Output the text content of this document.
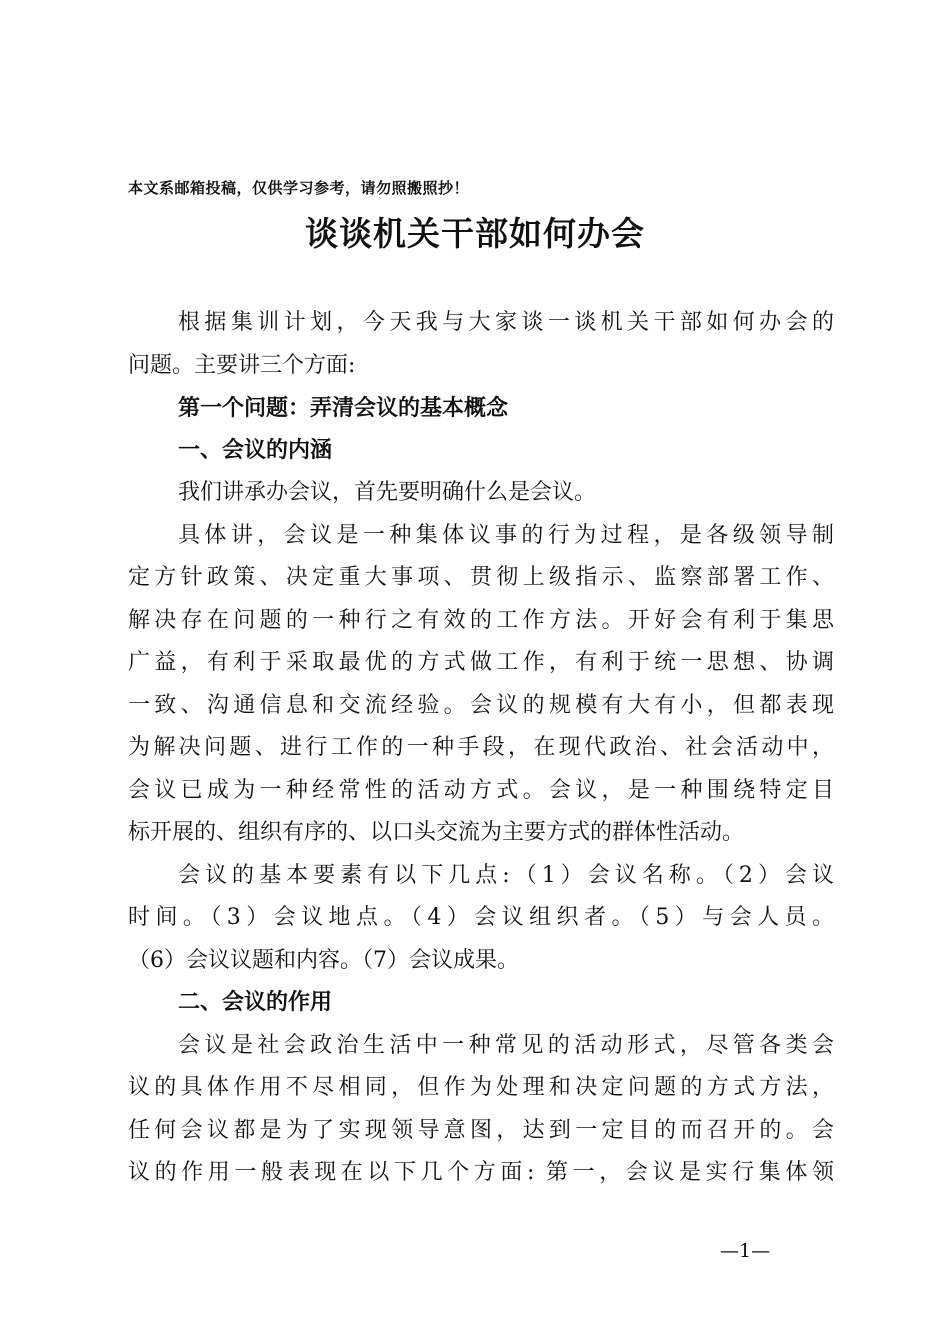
本文系邮箱投稿，仅供学习参考，请勿照搬照抄！
谈谈机关干部如何办会
根据集训计划，今天我与大家谈一谈机关干部如何办会的
问题。主要讲三个方面:
第一个问题：弄清会议的基本概念
一、会议的内涵
我们讲承办会议，首先要明确什么是会议。
具体讲，会议是一种集体议事的行为过程，是各级领导制
定方针政策、决定重大事项、贯彻上级指示、监察部署工作、
解决存在问题的一种行之有效的工作方法。开好会有利于集思
广益，有利于采取最优的方式做工作，有利于统一思想、协调
一致、沟通信息和交流经验。会议的规模有大有小，但都表现
为解决问题、进行工作的一种手段，在现代政治、社会活动中，
会议已成为一种经常性的活动方式。会议，是一种围绕特定目
标开展的、组织有序的、以口头交流为主要方式的群体性活动。
会议的基本要素有以下几点:（1）会议名称。（2）会议
时间。（3）会议地点。（4）会议组织者。（5）与会人员。
（6）会议议题和内容。（7）会议成果。
二、会议的作用
会议是社会政治生活中一种常见的活动形式，尽管各类会
议的具体作用不尽相同，但作为处理和决定问题的方式方法，
任何会议都是为了实现领导意图，达到一定目的而召开的。会
议的作用一般表现在以下几个方面: 第一，会议是实行集体领
—1—
